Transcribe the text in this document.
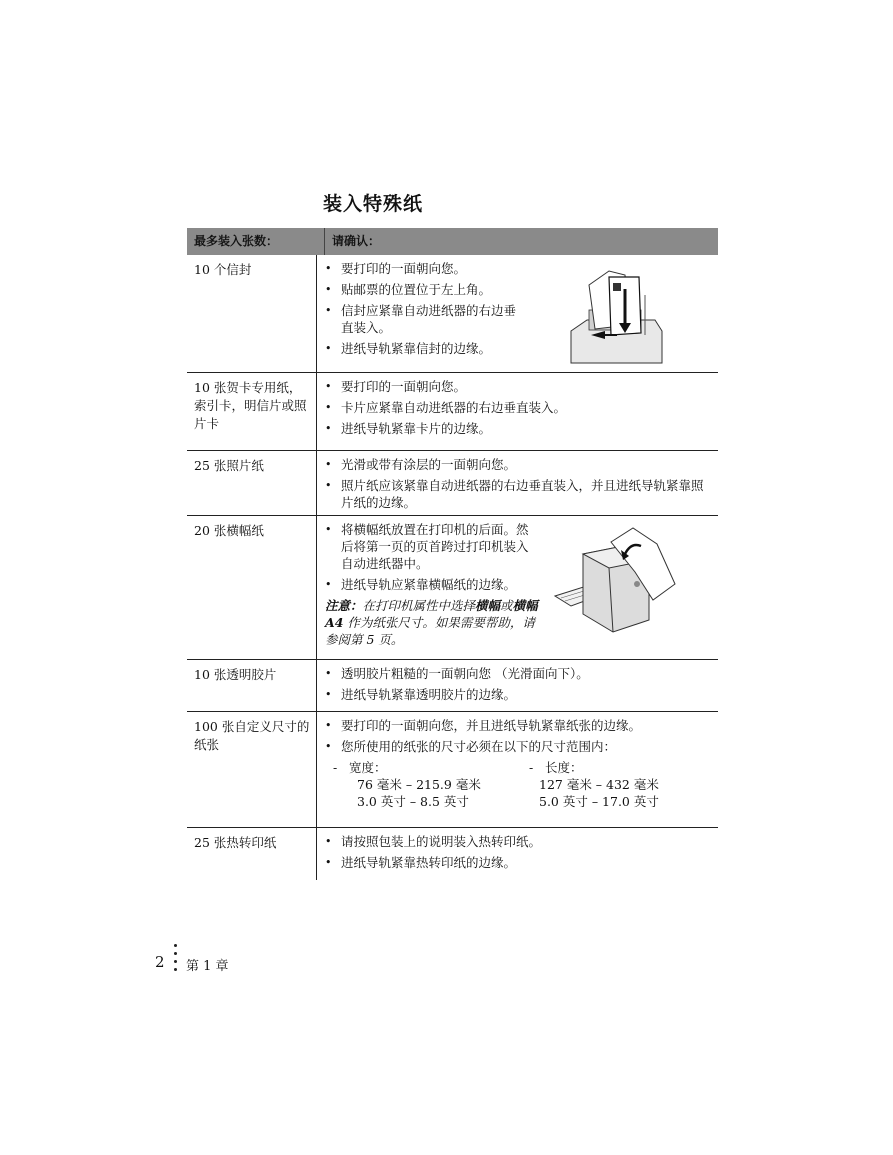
装入特殊纸
最多装入张数：	请确认：
10 个信封	• 要打印的一面朝向您。
• 贴邮票的位置位于左上角。
• 信封应紧靠自动进纸器的右边垂直装入。
• 进纸导轨紧靠信封的边缘。
10 张贺卡专用纸，索引卡，明信片或照片卡
• 要打印的一面朝向您。
• 卡片应紧靠自动进纸器的右边垂直装入。
• 进纸导轨紧靠卡片的边缘。
25 张照片纸	• 光滑或带有涂层的一面朝向您。
• 照片纸应该紧靠自动进纸器的右边垂直装入，并且进纸导轨紧靠照片纸的边缘。
20 张横幅纸	• 将横幅纸放置在打印机的后面。然后将第一页的页首跨过打印机装入自动进纸器中。
• 进纸导轨应紧靠横幅纸的边缘。
注意：在打印机属性中选择横幅或横幅 A4 作为纸张尺寸。如果需要帮助，请参阅第 5 页。
10 张透明胶片	• 透明胶片粗糙的一面朝向您 （光滑面向下）。
• 进纸导轨紧靠透明胶片的边缘。
100 张自定义尺寸的纸张
• 要打印的一面朝向您，并且进纸导轨紧靠纸张的边缘。
• 您所使用的纸张的尺寸必须在以下的尺寸范围内：
- 宽度：
76 毫米 – 215.9 毫米
3.0 英寸 – 8.5 英寸
- 长度：
127 毫米 – 432 毫米
5.0 英寸 – 17.0 英寸
25 张热转印纸	• 请按照包装上的说明装入热转印纸。
• 进纸导轨紧靠热转印纸的边缘。
2 第 1 章
